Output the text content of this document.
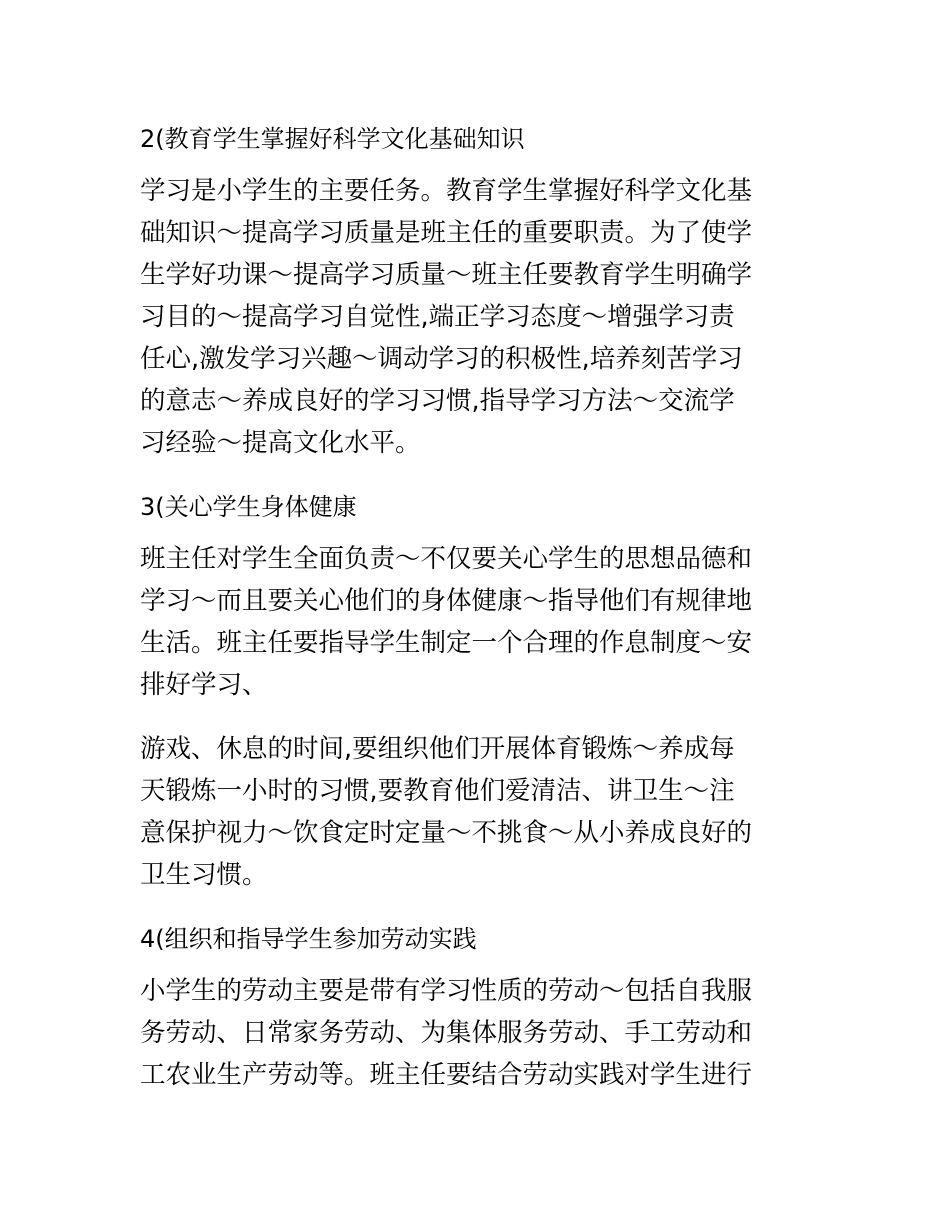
2(教育学生掌握好科学文化基础知识
学习是小学生的主要任务。教育学生掌握好科学文化基
础知识～提高学习质量是班主任的重要职责。为了使学
生学好功课～提高学习质量～班主任要教育学生明确学
习目的～提高学习自觉性,端正学习态度～增强学习责
任心,激发学习兴趣～调动学习的积极性,培养刻苦学习
的意志～养成良好的学习习惯,指导学习方法～交流学
习经验～提高文化水平。
3(关心学生身体健康
班主任对学生全面负责～不仅要关心学生的思想品德和
学习～而且要关心他们的身体健康～指导他们有规律地
生活。班主任要指导学生制定一个合理的作息制度～安
排好学习、
游戏、休息的时间,要组织他们开展体育锻炼～养成每
天锻炼一小时的习惯,要教育他们爱清洁、讲卫生～注
意保护视力～饮食定时定量～不挑食～从小养成良好的
卫生习惯。
4(组织和指导学生参加劳动实践
小学生的劳动主要是带有学习性质的劳动～包括自我服
务劳动、日常家务劳动、为集体服务劳动、手工劳动和
工农业生产劳动等。班主任要结合劳动实践对学生进行
